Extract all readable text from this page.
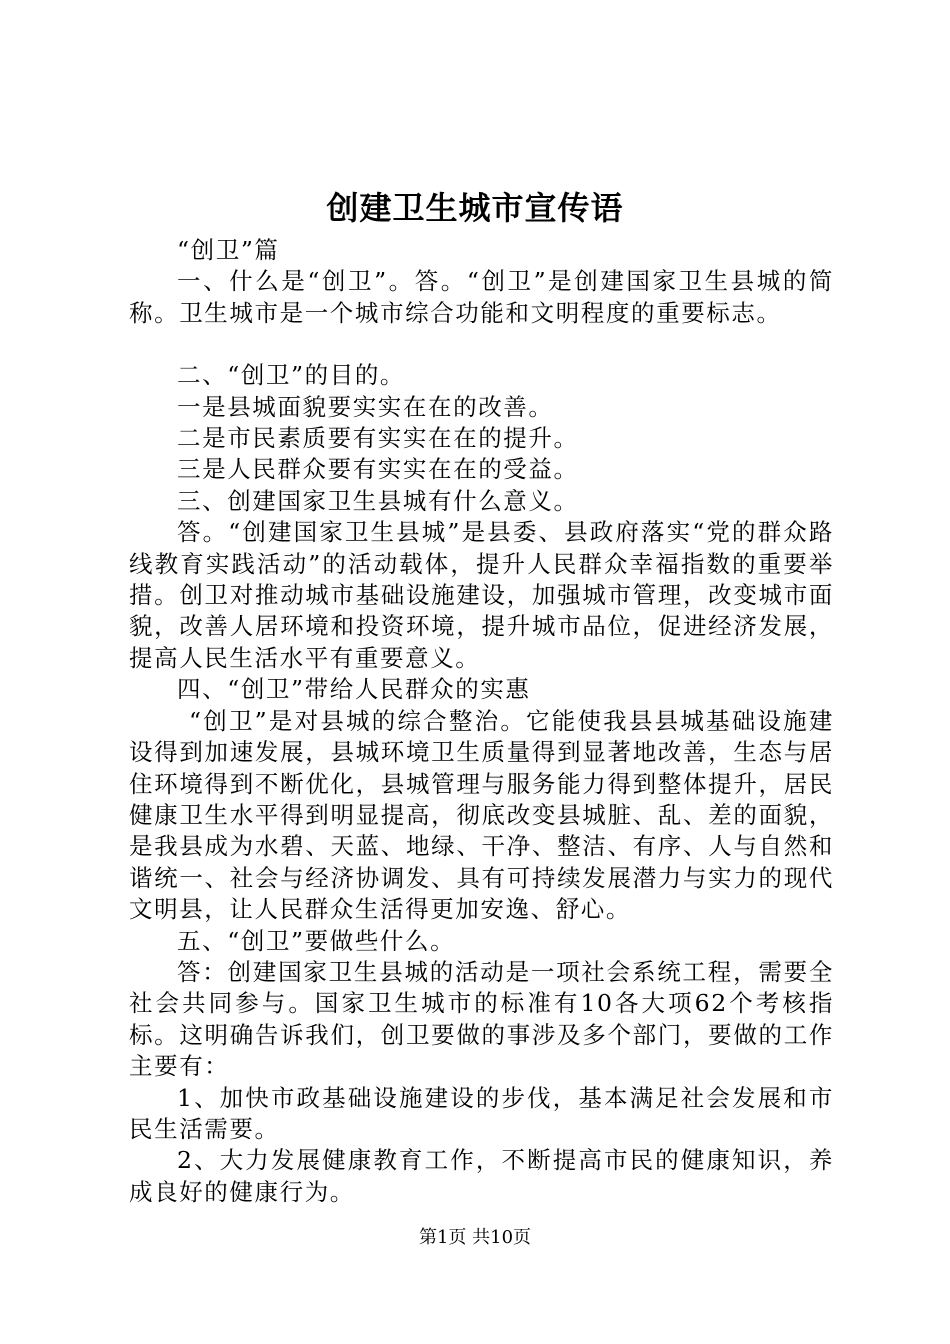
创建卫生城市宣传语

“创卫”篇

一、什么是“创卫”。答。“创卫”是创建国家卫生县城的简称。卫生城市是一个城市综合功能和文明程度的重要标志。

二、“创卫”的目的。

一是县城面貌要实实在在的改善。

二是市民素质要有实实在在的提升。

三是人民群众要有实实在在的受益。

三、创建国家卫生县城有什么意义。

答。“创建国家卫生县城”是县委、县政府落实“党的群众路线教育实践活动”的活动载体，提升人民群众幸福指数的重要举措。创卫对推动城市基础设施建设，加强城市管理，改变城市面貌，改善人居环境和投资环境，提升城市品位，促进经济发展，提高人民生活水平有重要意义。

四、“创卫”带给人民群众的实惠

“创卫”是对县城的综合整治。它能使我县县城基础设施建设得到加速发展，县城环境卫生质量得到显著地改善，生态与居住环境得到不断优化，县城管理与服务能力得到整体提升，居民健康卫生水平得到明显提高，彻底改变县城脏、乱、差的面貌，是我县成为水碧、天蓝、地绿、干净、整洁、有序、人与自然和谐统一、社会与经济协调发、具有可持续发展潜力与实力的现代文明县，让人民群众生活得更加安逸、舒心。

五、“创卫”要做些什么。

答：创建国家卫生县城的活动是一项社会系统工程，需要全社会共同参与。国家卫生城市的标准有10各大项62个考核指标。这明确告诉我们，创卫要做的事涉及多个部门，要做的工作主要有：

1、加快市政基础设施建设的步伐，基本满足社会发展和市民生活需要。

2、大力发展健康教育工作，不断提高市民的健康知识，养成良好的健康行为。

第1页 共10页
